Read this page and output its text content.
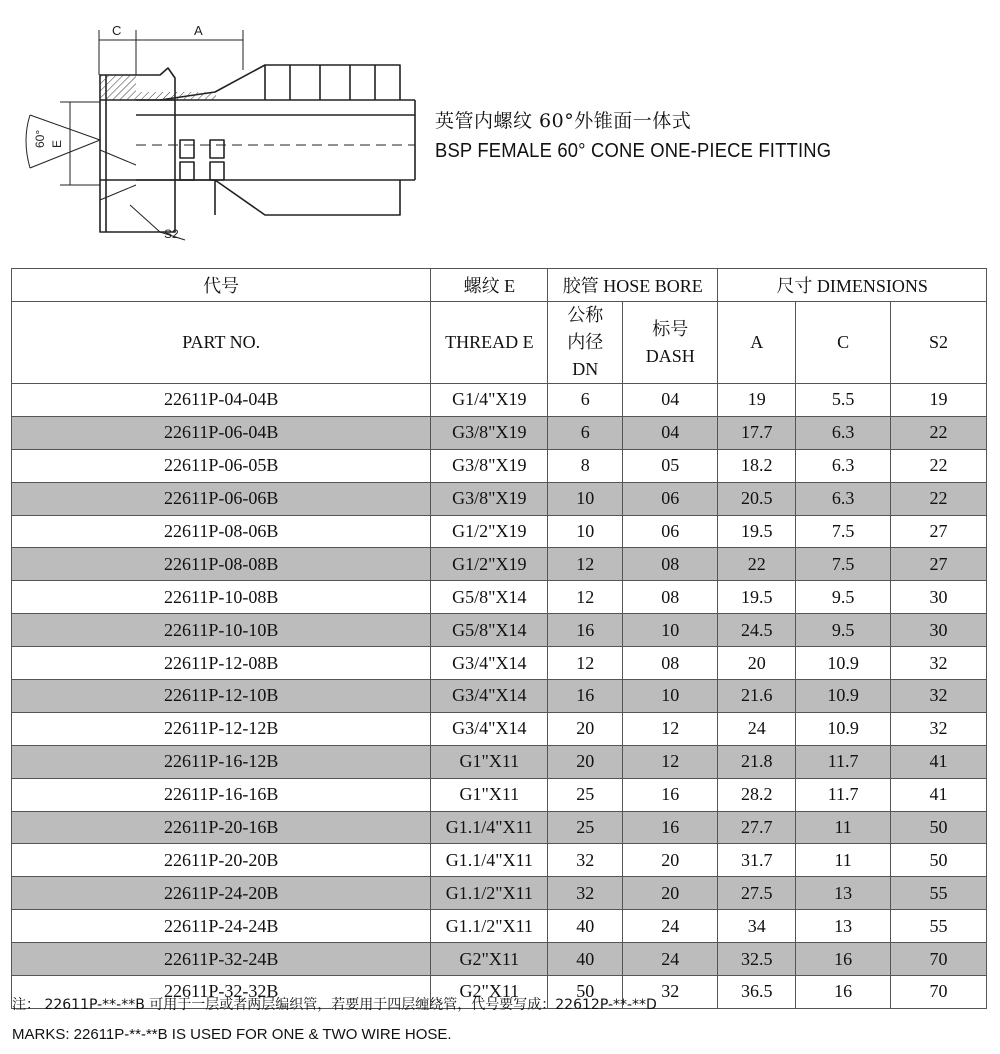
C	A
60° E
S2
英管内螺纹 60°外锥面一体式
BSP FEMALE 60° CONE ONE-PIECE FITTING
代号	螺纹 E	胶管 HOSE BORE		尺寸 DIMENSIONS		
PART NO.	THREAD E	公称内径 DN	标号 DASH	A	C	S2
22611P-04-04B	G1/4"X19	6	04	19	5.5	19
22611P-06-04B	G3/8"X19	6	04	17.7	6.3	22
22611P-06-05B	G3/8"X19	8	05	18.2	6.3	22
22611P-06-06B	G3/8"X19	10	06	20.5	6.3	22
22611P-08-06B	G1/2"X19	10	06	19.5	7.5	27
22611P-08-08B	G1/2"X19	12	08	22	7.5	27
22611P-10-08B	G5/8"X14	12	08	19.5	9.5	30
22611P-10-10B	G5/8"X14	16	10	24.5	9.5	30
22611P-12-08B	G3/4"X14	12	08	20	10.9	32
22611P-12-10B	G3/4"X14	16	10	21.6	10.9	32
22611P-12-12B	G3/4"X14	20	12	24	10.9	32
22611P-16-12B	G1"X11	20	12	21.8	11.7	41
22611P-16-16B	G1"X11	25	16	28.2	11.7	41
22611P-20-16B	G1.1/4"X11	25	16	27.7	11	50
22611P-20-20B	G1.1/4"X11	32	20	31.7	11	50
22611P-24-20B	G1.1/2"X11	32	20	27.5	13	55
22611P-24-24B	G1.1/2"X11	40	24	34	13	55
22611P-32-24B	G2"X11	40	24	32.5	16	70
22611P-32-32B	G2"X11	50	32	36.5	16	70
注： 22611P-**-**B 可用于一层或者两层编织管，若要用于四层缠绕管，代号要写成：22612P-**-**D
MARKS: 22611P-**-**B IS USED FOR ONE & TWO WIRE HOSE.
